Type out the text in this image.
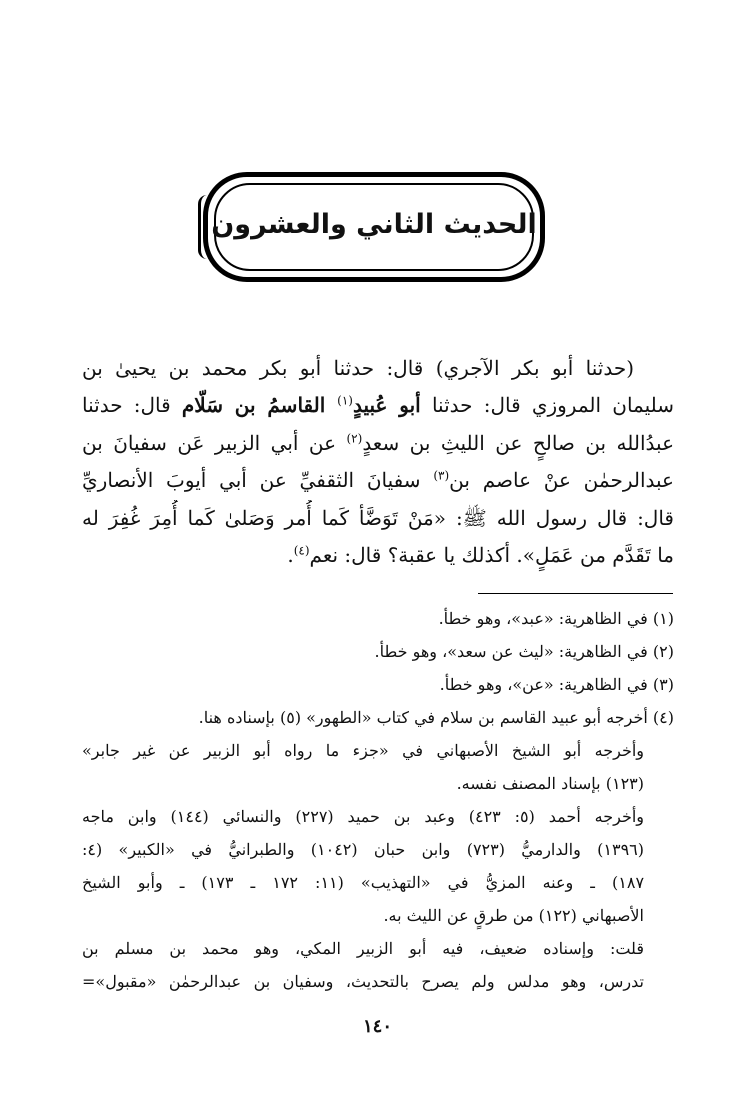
الحديث الثاني والعشرون
(حدثنا أبو بكر الآجري) قال: حدثنا أبو بكر محمد بن يحيىٰ بن
سليمان المروزي قال: حدثنا أبو عُبيدٍ$^{(١)}$ القاسمُ بن سَلّام قال: حدثنا
عبدُالله بن صالحٍ عن الليثِ بن سعدٍ$^{(٢)}$ عن أبي الزبير عَن سفيانَ بن
عبدالرحمٰن عنْ عاصم بن$^{(٣)}$ سفيانَ الثقفيِّ عن أبي أيوبَ الأنصاريِّ
قال: قال رسول الله ﷺ: «مَنْ تَوَضَّأ كَما أُمر وَصَلىٰ كَما أُمِرَ غُفِرَ له
ما تَقَدَّم من عَمَلٍ». أكذلك يا عقبة؟ قال: نعم$^{(٤)}$.
(١) في الظاهرية: «عبد»، وهو خطأ.
(٢) في الظاهرية: «ليث عن سعد»، وهو خطأ.
(٣) في الظاهرية: «عن»، وهو خطأ.
(٤) أخرجه أبو عبيد القاسم بن سلام في كتاب «الطهور» (٥) بإسناده هنا.
وأخرجه أبو الشيخ الأصبهاني في «جزء ما رواه أبو الزبير عن غير جابر»
(١٢٣) بإسناد المصنف نفسه.
وأخرجه أحمد (٥: ٤٢٣) وعبد بن حميد (٢٢٧) والنسائي (١٤٤) وابن ماجه
(١٣٩٦) والدارميُّ (٧٢٣) وابن حبان (١٠٤٢) والطبرانيُّ في «الكبير» (٤:
١٨٧) ـ وعنه المزيُّ في «التهذيب» (١١: ١٧٢ ـ ١٧٣) ـ وأبو الشيخ
الأصبهاني (١٢٢) من طرقٍ عن الليث به.
قلت: وإسناده ضعيف، فيه أبو الزبير المكي، وهو محمد بن مسلم بن
تدرس، وهو مدلس ولم يصرح بالتحديث، وسفيان بن عبدالرحمٰن «مقبول»=
١٤٠
